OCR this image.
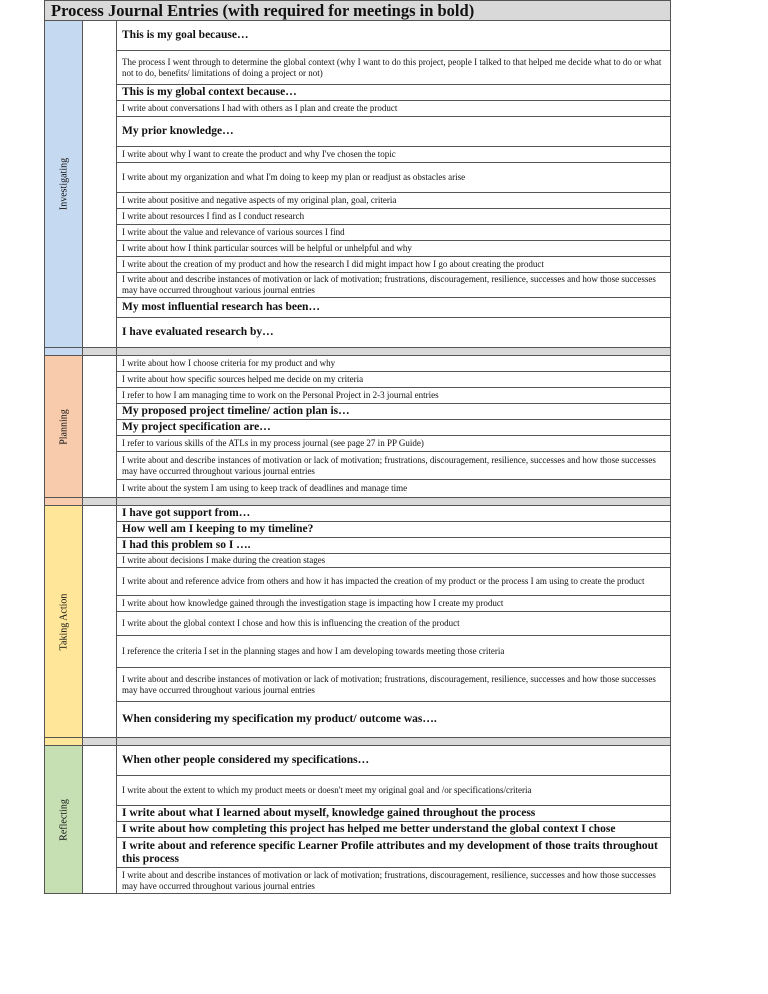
Process Journal Entries (with required for meetings in bold)		

Investigating		This is my goal because…
		The process I went through to determine the global context (why I want to do this project, people I talked to that helped me decide what to do or what not to do, benefits/ limitations of doing a project or not)
		This is my global context because…
		I write about conversations I had with others as I plan and create the product
		My prior knowledge…
		I write about why I want to create the product and why I've chosen the topic
		I write about my organization and what I'm doing to keep my plan or readjust as obstacles arise
		I write about positive and negative aspects of my original plan, goal, criteria
		I write about resources I find as I conduct research
		I write about the value and relevance of various sources I find
		I write about how I think particular sources will be helpful or unhelpful and why
		I write about the creation of my product and how the research I did might impact how I go about creating the product
		I write about and describe instances of motivation or lack of motivation; frustrations, discouragement, resilience, successes and how those successes may have occurred throughout various journal entries
		My most influential research has been…
		I have evaluated research by…

Planning		I write about how I choose criteria for my product and why
		I write about how specific sources helped me decide on my criteria
		I refer to how I am managing time to work on the Personal Project in 2-3 journal entries
		My proposed project timeline/ action plan is…
		My project specification are…
		I refer to various skills of the ATLs in my process journal (see page 27 in PP Guide)
		I write about and describe instances of motivation or lack of motivation; frustrations, discouragement, resilience, successes and how those successes may have occurred throughout various journal entries
		I write about the system I am using to keep track of deadlines and manage time

Taking Action		I have got support from…
		How well am I keeping to my timeline?
		I had this problem so I ….
		I write about decisions I make during the creation stages
		I write about and reference advice from others and how it has impacted the creation of my product or the process I am using to create the product
		I write about how knowledge gained through the investigation stage is impacting how I create my product
		I write about the global context I chose and how this is influencing the creation of the product
		I reference the criteria I set in the planning stages and how I am developing towards meeting those criteria
		I write about and describe instances of motivation or lack of motivation; frustrations, discouragement, resilience, successes and how those successes may have occurred throughout various journal entries
		When considering my specification my product/ outcome was….

Reflecting		When other people considered my specifications…
		I write about the extent to which my product meets or doesn't meet my original goal and /or specifications/criteria
		I write about what I learned about myself, knowledge gained throughout the process
		I write about how completing this project has helped me better understand the global context I chose
		I write about and reference specific Learner Profile attributes and my development of those traits throughout this process
		I write about and describe instances of motivation or lack of motivation; frustrations, discouragement, resilience, successes and how those successes may have occurred throughout various journal entries
